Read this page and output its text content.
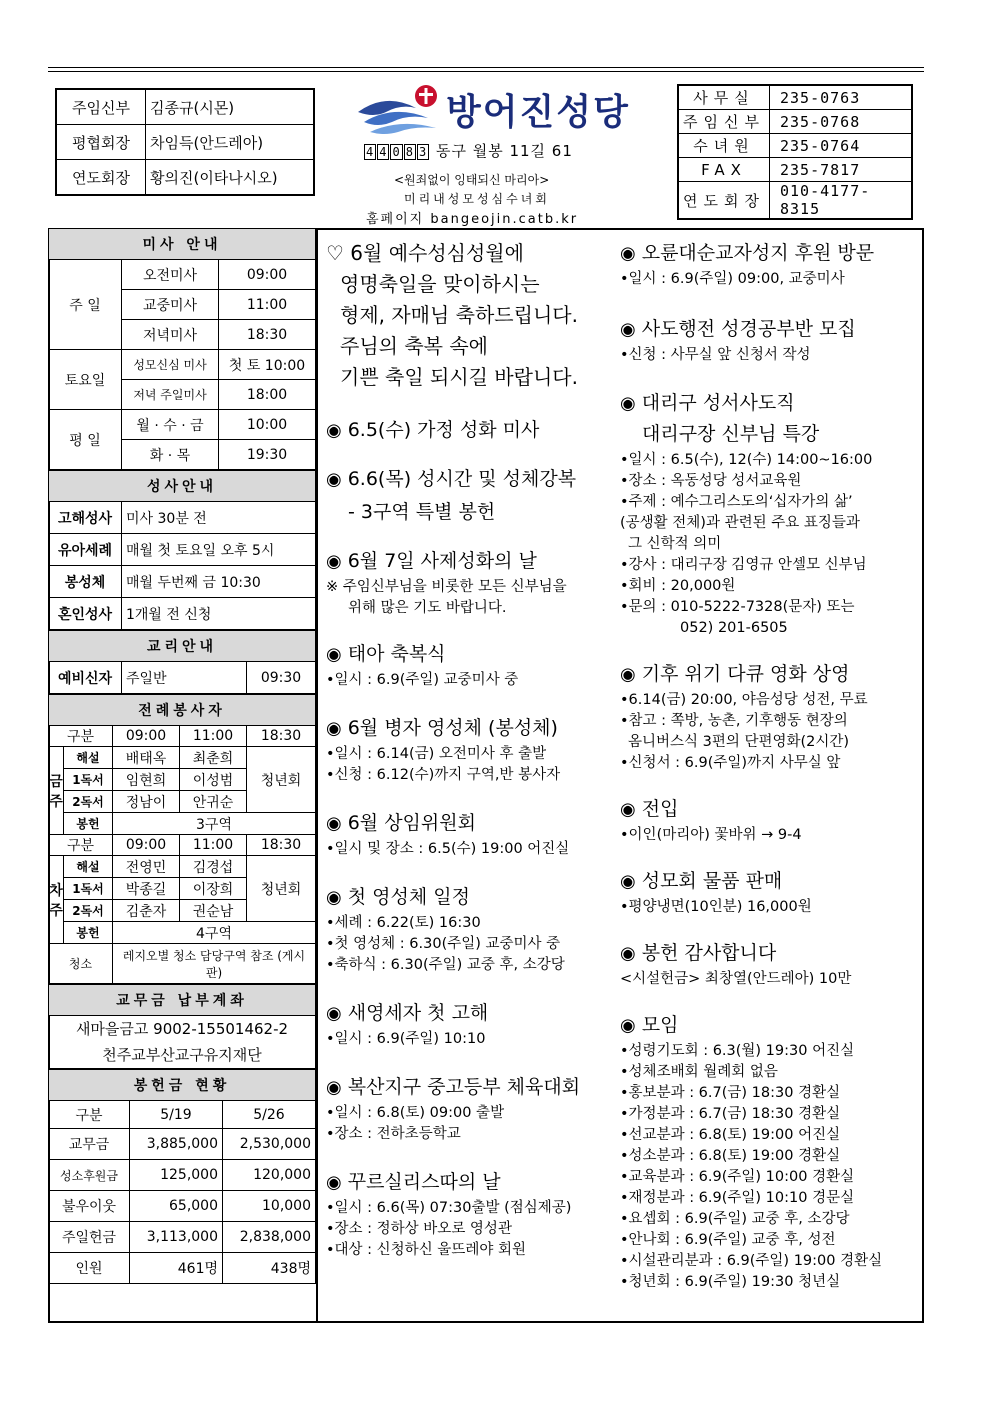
주임신부	김종규(시몬)
평협회장	차임득(안드레아)
연도회장	황의진(이타나시오)
방어진성당
4 4 0 8 3 동구 월봉 11길 61
<원죄없이 잉태되신 마리아>
미리내성모성심수녀회
홈페이지 bangeojin.catb.kr
사무실	235-0763
주임신부	235-0768
수녀원	235-0764
FAX	235-7817
연도회장	010-4177-8315
미사 안내		
주 일	오전미사	09:00
	교중미사	11:00
	저녁미사	18:30
토요일	성모신심 미사	첫 토 10:00
	저녁 주일미사	18:00
평 일	월 · 수 · 금	10:00
	화 · 목	19:30
성사안내	
고해성사	미사 30분 전
유아세례	매월 첫 토요일 오후 5시
봉성체	매월 두번째 금 10:30
혼인성사	1개월 전 신청
교리안내
예비신자	주일반	09:30
전례봉사자				
구분		09:00	11:00	18:30
금주	해설	배태옥	최춘희	청년회
	1독서	임현희	이성범	
	2독서	정남이	안귀순	
	봉헌	3구역		
구분		09:00	11:00	18:30
차주	해설	전영민	김경섭	청년회
	1독서	박종길	이장희	
	2독서	김춘자	권순남	
	봉헌	4구역		
청소		레지오별 청소 담당구역 참조 (게시판)		
교무금 납부계좌
새마을금고 9002-15501462-2
천주교부산교구유지재단
봉헌금 현황		
구분	5/19	5/26
교무금	3,885,000	2,530,000
성소후원금	125,000	120,000
불우이웃	65,000	10,000
주일헌금	3,113,000	2,838,000
인원	461명	438명

♡ 6월 예수성심성월에

영명축일을 맞이하시는

형제, 자매님 축하드립니다.

주님의 축복 속에

기쁜 축일 되시길 바랍니다.

◉ 6.5(수) 가정 성화 미사

◉ 6.6(목) 성시간 및 성체강복

- 3구역 특별 봉헌

◉ 6월 7일 사제성화의 날

※ 주임신부님을 비롯한 모든 신부님을

위해 많은 기도 바랍니다.

◉ 태아 축복식

•일시 : 6.9(주일) 교중미사 중

◉ 6월 병자 영성체 (봉성체)

•일시 : 6.14(금) 오전미사 후 출발

•신청 : 6.12(수)까지 구역,반 봉사자

◉ 6월 상임위원회

•일시 및 장소 : 6.5(수) 19:00 어진실

◉ 첫 영성체 일정

•세례 : 6.22(토) 16:30

•첫 영성체 : 6.30(주일) 교중미사 중

•축하식 : 6.30(주일) 교중 후, 소강당

◉ 새영세자 첫 고해

•일시 : 6.9(주일) 10:10

◉ 복산지구 중고등부 체육대회

•일시 : 6.8(토) 09:00 출발

•장소 : 전하초등학교

◉ 꾸르실리스따의 날

•일시 : 6.6(목) 07:30출발 (점심제공)

•장소 : 정하상 바오로 영성관

•대상 : 신청하신 울뜨레야 회원

◉ 오륜대순교자성지 후원 방문

•일시 : 6.9(주일) 09:00, 교중미사

◉ 사도행전 성경공부반 모집

•신청 : 사무실 앞 신청서 작성

◉ 대리구 성서사도직

대리구장 신부님 특강

•일시 : 6.5(수), 12(수) 14:00~16:00

•장소 : 옥동성당 성서교육원

•주제 : 예수그리스도의‘십자가의 삶’

(공생활 전체)과 관련된 주요 표징들과

그 신학적 의미

•강사 : 대리구장 김영규 안셀모 신부님

•회비 : 20,000원

•문의 : 010-5222-7328(문자) 또는

052) 201-6505

◉ 기후 위기 다큐 영화 상영

•6.14(금) 20:00, 야음성당 성전, 무료

•참고 : 쪽방, 농촌, 기후행동 현장의

옴니버스식 3편의 단편영화(2시간)

•신청서 : 6.9(주일)까지 사무실 앞

◉ 전입

•이인(마리아) 꽃바위 → 9-4

◉ 성모회 물품 판매

•평양냉면(10인분) 16,000원

◉ 봉헌 감사합니다

<시설헌금> 최창열(안드레아) 10만

◉ 모임

•성령기도회 : 6.3(월) 19:30 어진실

•성체조배회 월례회 없음

•홍보분과 : 6.7(금) 18:30 경환실

•가정분과 : 6.7(금) 18:30 경환실

•선교분과 : 6.8(토) 19:00 어진실

•성소분과 : 6.8(토) 19:00 경환실

•교육분과 : 6.9(주일) 10:00 경환실

•재정분과 : 6.9(주일) 10:10 경문실

•요셉회 : 6.9(주일) 교중 후, 소강당

•안나회 : 6.9(주일) 교중 후, 성전

•시설관리분과 : 6.9(주일) 19:00 경환실

•청년회 : 6.9(주일) 19:30 청년실
